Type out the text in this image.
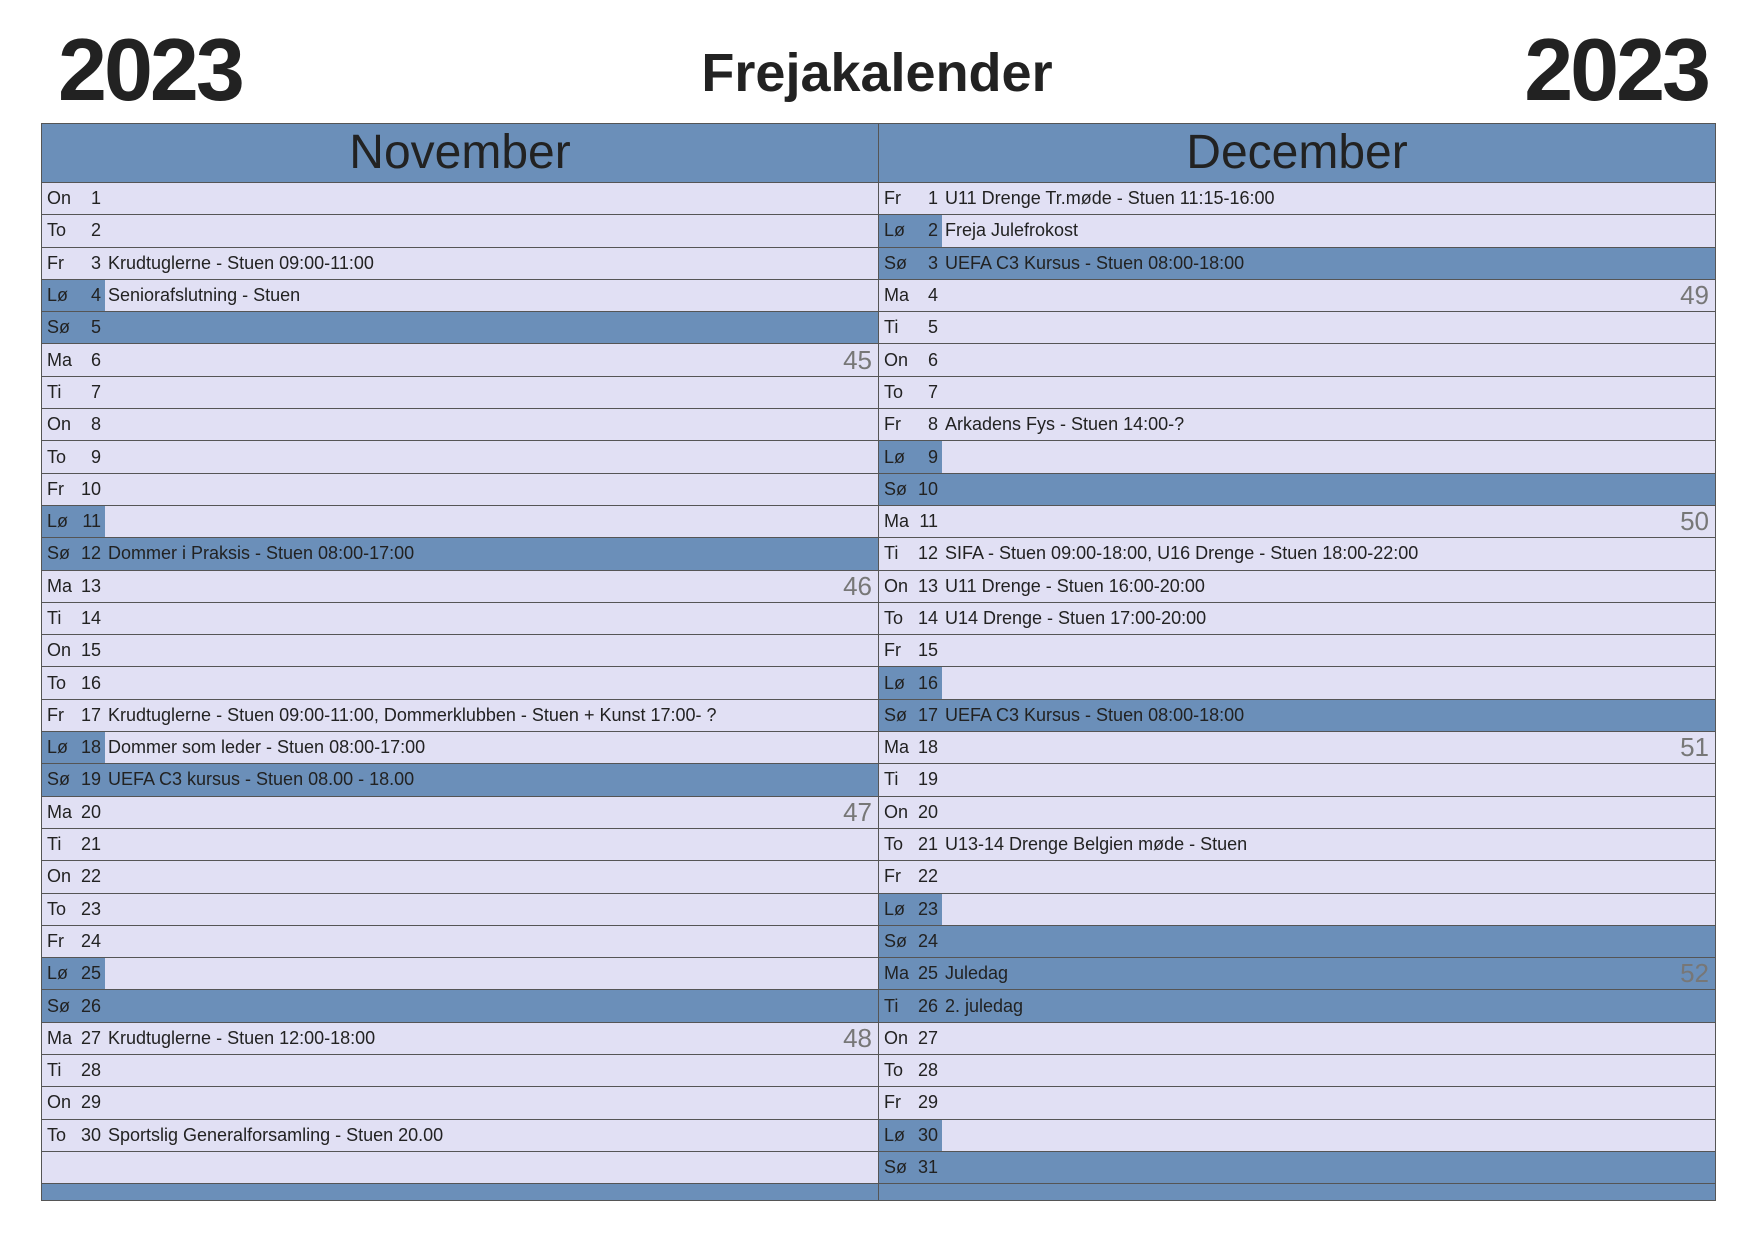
2023	Frejakalender	2023
November
On	1
To	2
Fr	3 Krudtuglerne - Stuen 09:00-11:00
Lø	4 Seniorafslutning - Stuen
Sø	5
Ma	6	45
Ti	7
On	8
To	9
Fr 10
Lø 11
Sø 12 Dommer i Praksis - Stuen 08:00-17:00
Ma 13	46
Ti	14
On 15
To 16
Fr 17 Krudtuglerne - Stuen 09:00-11:00, Dommerklubben - Stuen + Kunst 17:00- ?
Lø 18 Dommer som leder - Stuen 08:00-17:00
Sø 19 UEFA C3 kursus - Stuen 08.00 - 18.00
Ma 20	47
Ti	21
On 22
To 23
Fr 24
Lø 25
Sø 26
Ma 27 Krudtuglerne - Stuen 12:00-18:00	48
Ti	28
On 29
To 30 Sportslig Generalforsamling - Stuen 20.00
December
Fr	1 U11 Drenge Tr.møde - Stuen 11:15-16:00
Lø	2 Freja Julefrokost
Sø	3 UEFA C3 Kursus - Stuen 08:00-18:00
Ma	4	49
Ti	5
On	6
To	7
Fr	8 Arkadens Fys - Stuen 14:00-?
Lø	9
Sø 10
Ma 11	50
Ti	12 SIFA - Stuen 09:00-18:00, U16 Drenge - Stuen 18:00-22:00
On 13 U11 Drenge - Stuen 16:00-20:00
To 14 U14 Drenge - Stuen 17:00-20:00
Fr 15
Lø 16
Sø 17 UEFA C3 Kursus - Stuen 08:00-18:00
Ma 18	51
Ti	19
On 20
To 21 U13-14 Drenge Belgien møde - Stuen
Fr 22
Lø 23
Sø 24
Ma 25 Juledag	52
Ti	26 2. juledag
On 27
To 28
Fr 29
Lø 30
Sø 31
